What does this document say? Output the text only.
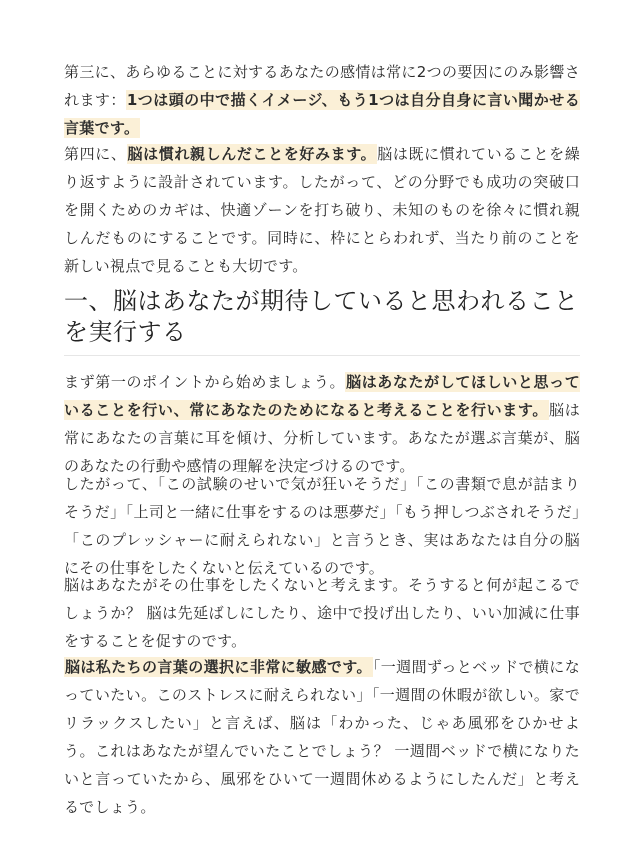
第三に、あらゆることに対するあなたの感情は常に2つの要因にのみ影響されます：1つは頭の中で描くイメージ、もう1つは自分自身に言い聞かせる言葉です。

第四に、脳は慣れ親しんだことを好みます。脳は既に慣れていることを繰り返すように設計されています。したがって、どの分野でも成功の突破口を開くためのカギは、快適ゾーンを打ち破り、未知のものを徐々に慣れ親しんだものにすることです。同時に、枠にとらわれず、当たり前のことを新しい視点で見ることも大切です。

一、脳はあなたが期待していると思われることを実行する

まず第一のポイントから始めましょう。脳はあなたがしてほしいと思っていることを行い、常にあなたのためになると考えることを行います。脳は常にあなたの言葉に耳を傾け、分析しています。あなたが選ぶ言葉が、脳のあなたの行動や感情の理解を決定づけるのです。

したがって、「この試験のせいで気が狂いそうだ」「この書類で息が詰まりそうだ」「上司と一緒に仕事をするのは悪夢だ」「もう押しつぶされそうだ」「このプレッシャーに耐えられない」と言うとき、実はあなたは自分の脳にその仕事をしたくないと伝えているのです。

脳はあなたがその仕事をしたくないと考えます。そうすると何が起こるでしょうか？ 脳は先延ばしにしたり、途中で投げ出したり、いい加減に仕事をすることを促すのです。

脳は私たちの言葉の選択に非常に敏感です。「一週間ずっとベッドで横になっていたい。このストレスに耐えられない」「一週間の休暇が欲しい。家でリラックスしたい」と言えば、脳は「わかった、じゃあ風邪をひかせよう。これはあなたが望んでいたことでしょう？ 一週間ベッドで横になりたいと言っていたから、風邪をひいて一週間休めるようにしたんだ」と考えるでしょう。
